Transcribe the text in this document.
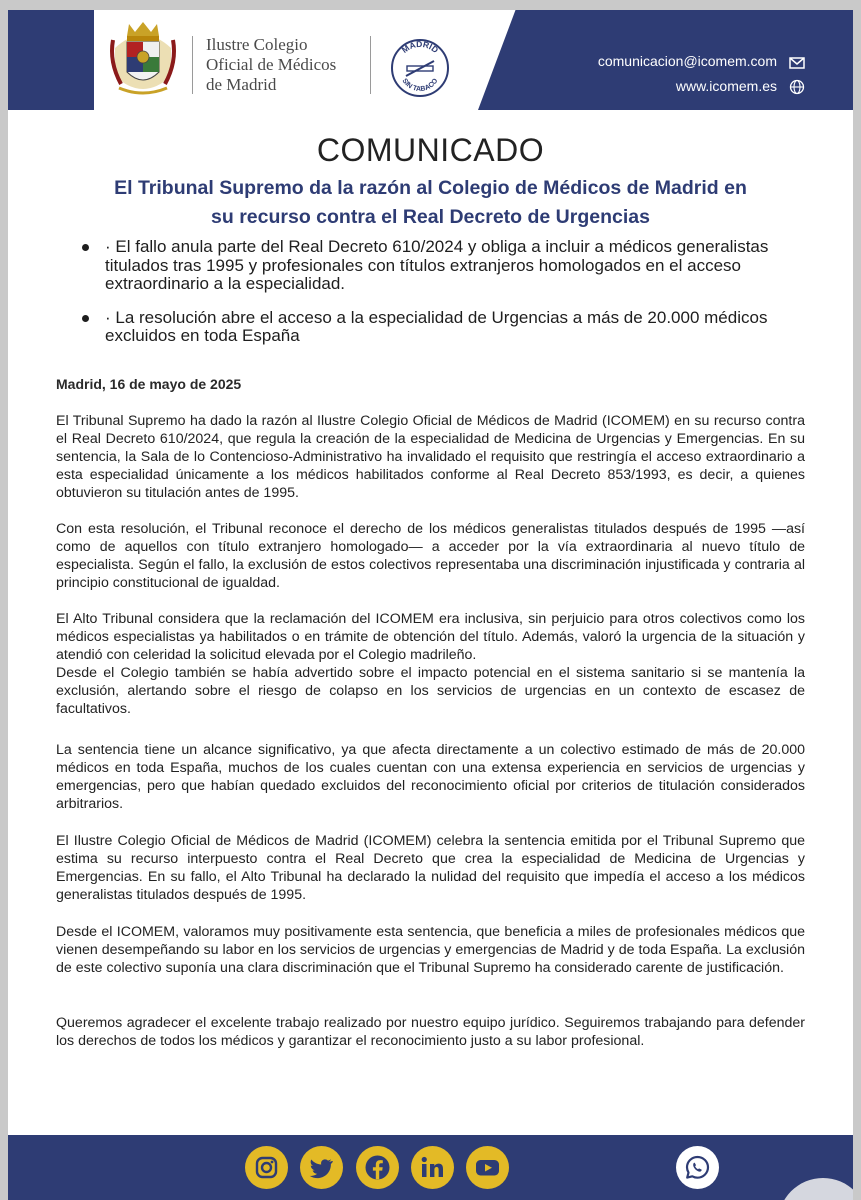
Ilustre Colegio
Oficial de Médicos
de Madrid
MADRID
SIN TABACO
comunicacion@icomem.com
www.icomem.es
COMUNICADO
El Tribunal Supremo da la razón al Colegio de Médicos de Madrid en
su recurso contra el Real Decreto de Urgencias
· El fallo anula parte del Real Decreto 610/2024 y obliga a incluir a médicos generalistas
titulados tras 1995 y profesionales con títulos extranjeros homologados en el acceso
extraordinario a la especialidad.
· La resolución abre el acceso a la especialidad de Urgencias a más de 20.000 médicos
excluidos en toda España
Madrid, 16 de mayo de 2025

El Tribunal Supremo ha dado la razón al Ilustre Colegio Oficial de Médicos de Madrid (ICOMEM) en su recurso contra el Real Decreto 610/2024, que regula la creación de la especialidad de Medicina de Urgencias y Emergencias. En su sentencia, la Sala de lo Contencioso-Administrativo ha invalidado el requisito que restringía el acceso extraordinario a esta especialidad únicamente a los médicos habilitados conforme al Real Decreto 853/1993, es decir, a quienes obtuvieron su titulación antes de 1995.

Con esta resolución, el Tribunal reconoce el derecho de los médicos generalistas titulados después de 1995 —así como de aquellos con título extranjero homologado— a acceder por la vía extraordinaria al nuevo título de especialista. Según el fallo, la exclusión de estos colectivos representaba una discriminación injustificada y contraria al principio constitucional de igualdad.

El Alto Tribunal considera que la reclamación del ICOMEM era inclusiva, sin perjuicio para otros colectivos como los médicos especialistas ya habilitados o en trámite de obtención del título. Además, valoró la urgencia de la situación y atendió con celeridad la solicitud elevada por el Colegio madrileño.

Desde el Colegio también se había advertido sobre el impacto potencial en el sistema sanitario si se mantenía la exclusión, alertando sobre el riesgo de colapso en los servicios de urgencias en un contexto de escasez de facultativos.

La sentencia tiene un alcance significativo, ya que afecta directamente a un colectivo estimado de más de 20.000 médicos en toda España, muchos de los cuales cuentan con una extensa experiencia en servicios de urgencias y emergencias, pero que habían quedado excluidos del reconocimiento oficial por criterios de titulación considerados arbitrarios.

El Ilustre Colegio Oficial de Médicos de Madrid (ICOMEM) celebra la sentencia emitida por el Tribunal Supremo que estima su recurso interpuesto contra el Real Decreto que crea la especialidad de Medicina de Urgencias y Emergencias. En su fallo, el Alto Tribunal ha declarado la nulidad del requisito que impedía el acceso a los médicos generalistas titulados después de 1995.

Desde el ICOMEM, valoramos muy positivamente esta sentencia, que beneficia a miles de profesionales médicos que vienen desempeñando su labor en los servicios de urgencias y emergencias de Madrid y de toda España. La exclusión de este colectivo suponía una clara discriminación que el Tribunal Supremo ha considerado carente de justificación.

Queremos agradecer el excelente trabajo realizado por nuestro equipo jurídico. Seguiremos trabajando para defender los derechos de todos los médicos y garantizar el reconocimiento justo a su labor profesional.
